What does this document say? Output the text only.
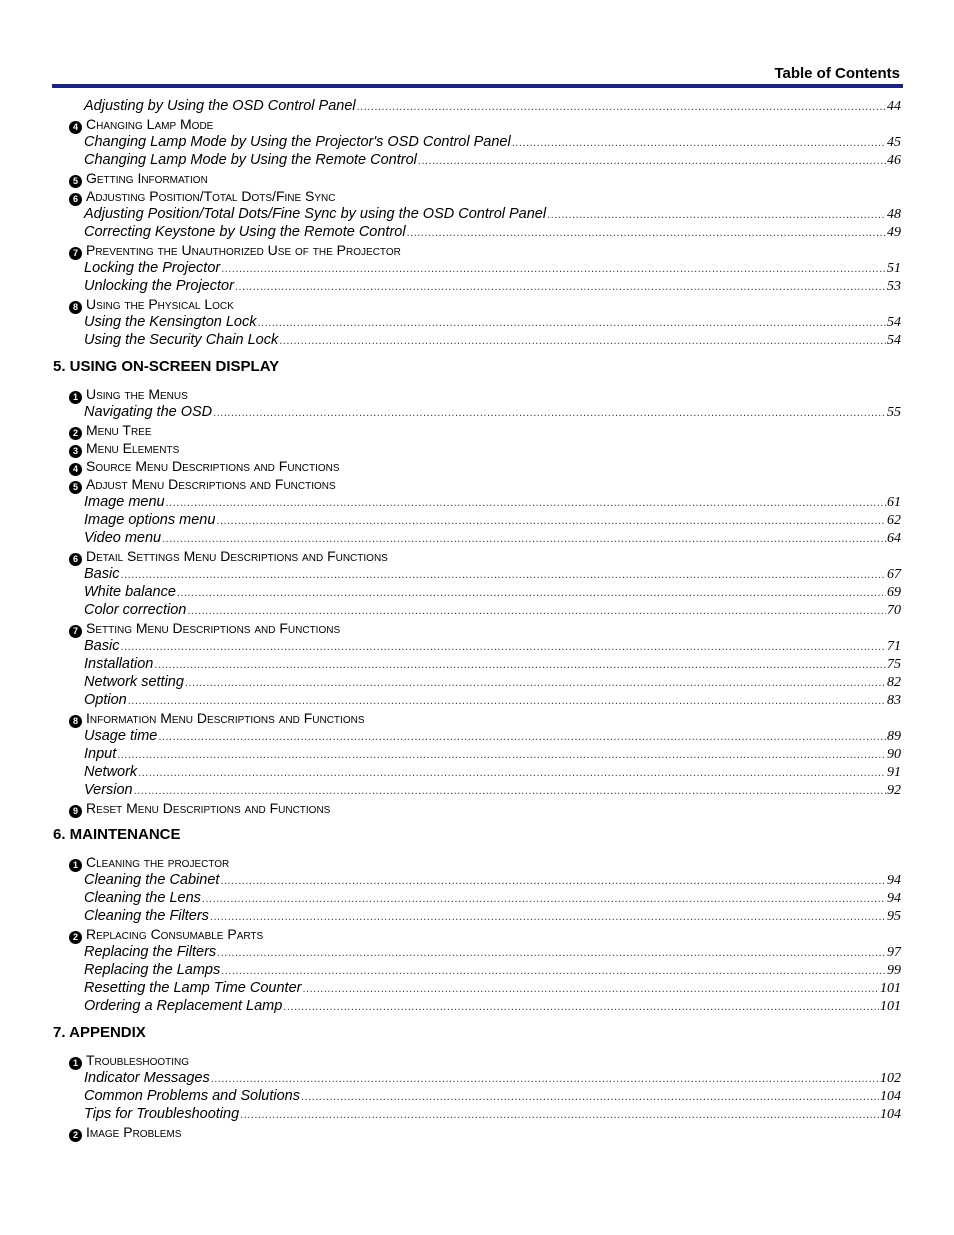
Table of Contents
Adjusting by Using the OSD Control Panel .....	44
4 Changing Lamp Mode
Changing Lamp Mode by Using the Projector's OSD Control Panel .....	45
Changing Lamp Mode by Using the Remote Control .....	46
5 Getting Information
6 Adjusting Position/Total Dots/Fine Sync
Adjusting Position/Total Dots/Fine Sync by using the OSD Control Panel .....	48
Correcting Keystone by Using the Remote Control .....	49
7 Preventing the Unauthorized Use of the Projector
Locking the Projector .....	51
Unlocking the Projector .....	53
8 Using the Physical Lock
Using the Kensington Lock .....	54
Using the Security Chain Lock .....	54
5. USING ON-SCREEN DISPLAY
1 Using the Menus
Navigating the OSD .....	55
2 Menu Tree
3 Menu Elements
4 Source Menu Descriptions and Functions
5 Adjust Menu Descriptions and Functions
Image menu .....	61
Image options menu .....	62
Video menu .....	64
6 Detail Settings Menu Descriptions and Functions
Basic .....	67
White balance .....	69
Color correction .....	70
7 Setting Menu Descriptions and Functions
Basic .....	71
Installation .....	75
Network setting .....	82
Option .....	83
8 Information Menu Descriptions and Functions
Usage time .....	89
Input .....	90
Network .....	91
Version .....	92
9 Reset Menu Descriptions and Functions
6. MAINTENANCE
1 Cleaning the projector
Cleaning the Cabinet .....	94
Cleaning the Lens .....	94
Cleaning the Filters .....	95
2 Replacing Consumable Parts
Replacing the Filters .....	97
Replacing the Lamps .....	99
Resetting the Lamp Time Counter .....	101
Ordering a Replacement Lamp .....	101
7. APPENDIX
1 Troubleshooting
Indicator Messages .....	102
Common Problems and Solutions .....	104
Tips for Troubleshooting .....	104
2 Image Problems
